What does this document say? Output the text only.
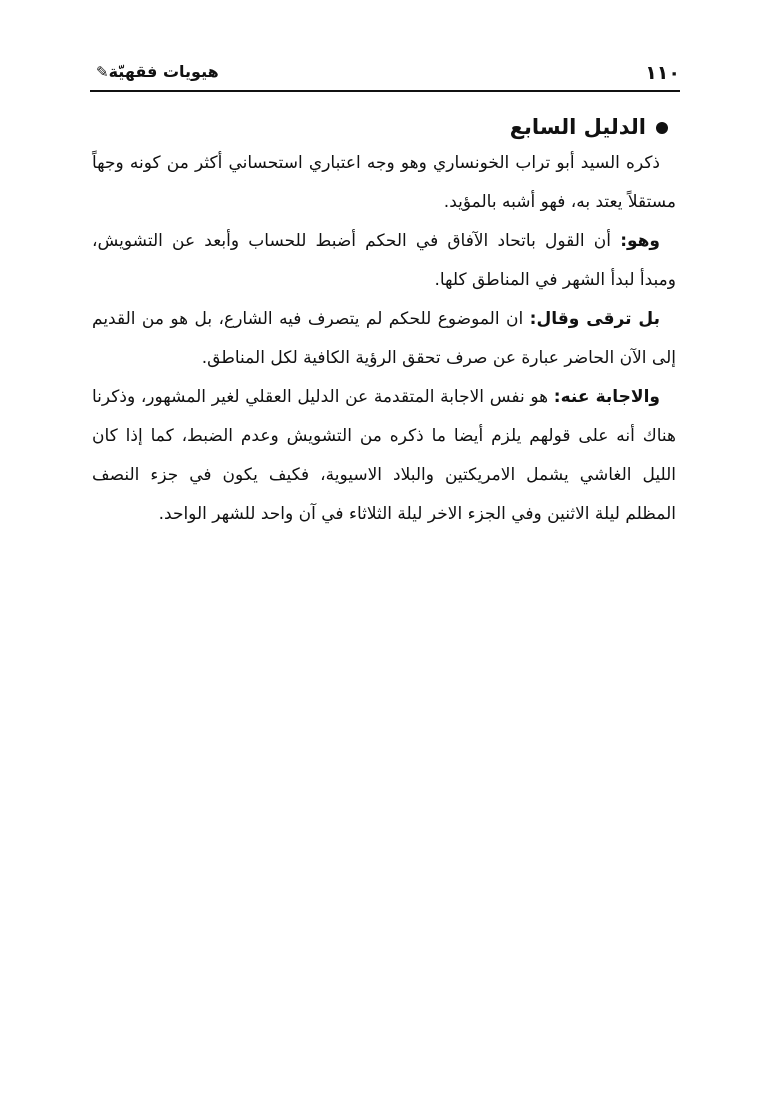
١١٠
هيويات فقهيّة✎
الدليل السابع

ذكره السيد أبو تراب الخونساري وهو وجه اعتباري استحساني أكثر من كونه وجهاً مستقلاً يعتد به، فهو أشبه بالمؤيد.

وهو: أن القول باتحاد الآفاق في الحكم أضبط للحساب وأبعد عن التشويش، ومبدأ لبدأ الشهر في المناطق كلها.

بل ترقى وقال: ان الموضوع للحكم لم يتصرف فيه الشارع، بل هو من القديم إلى الآن الحاضر عبارة عن صرف تحقق الرؤية الكافية لكل المناطق.

والاجابة عنه: هو نفس الاجابة المتقدمة عن الدليل العقلي لغير المشهور، وذكرنا هناك أنه على قولهم يلزم أيضا ما ذكره من التشويش وعدم الضبط، كما إذا كان الليل الغاشي يشمل الامريكتين والبلاد الاسيوية، فكيف يكون في جزء النصف المظلم ليلة الاثنين وفي الجزء الاخر ليلة الثلاثاء في آن واحد للشهر الواحد.
